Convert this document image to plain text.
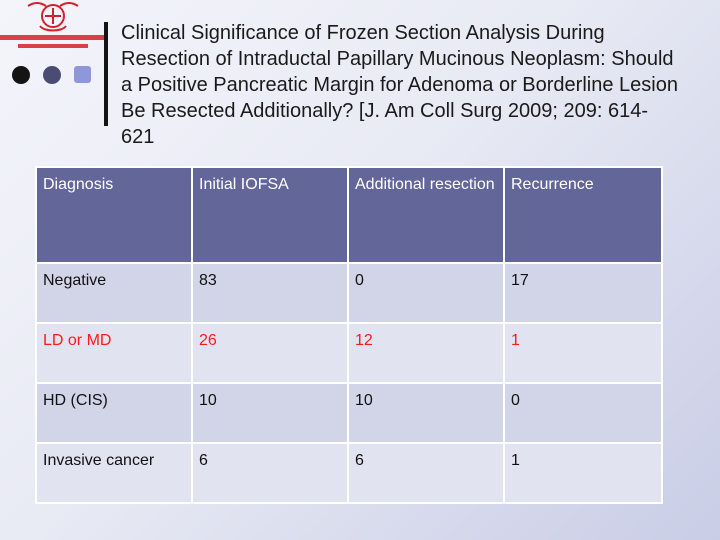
Clinical Significance of Frozen Section Analysis During Resection of Intraductal Papillary Mucinous Neoplasm: Should a Positive Pancreatic Margin for Adenoma or Borderline Lesion Be Resected Additionally? [J. Am Coll Surg 2009; 209: 614-621
Diagnosis	Initial IOFSA	Additional resection	Recurrence
Negative	83	0	17
LD or MD	26	12	1
HD (CIS)	10	10	0
Invasive cancer	6	6	1
